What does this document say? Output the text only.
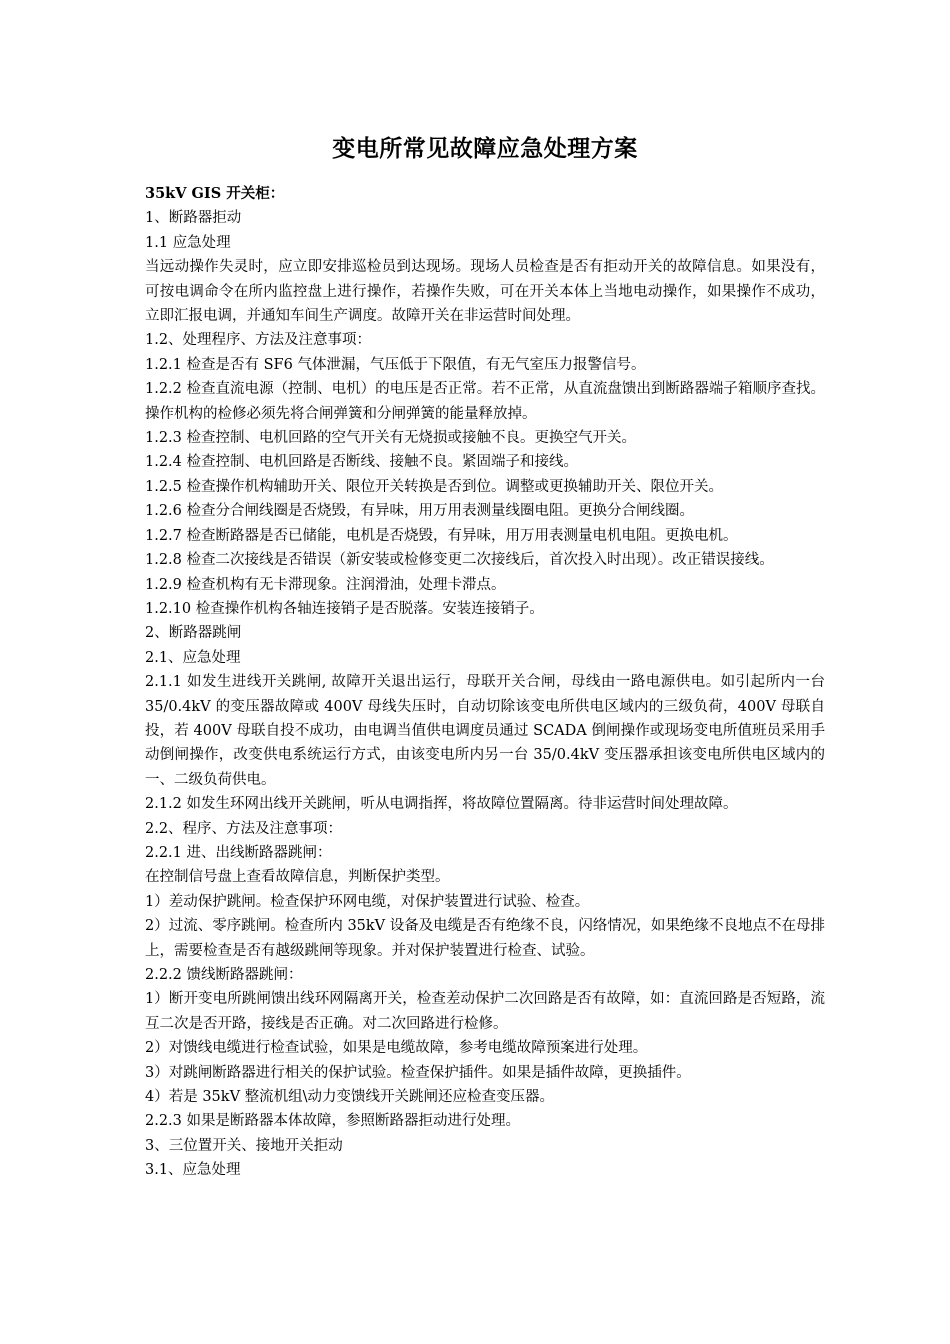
变电所常见故障应急处理方案

35kV GIS 开关柜：

1、断路器拒动

1.1 应急处理

当远动操作失灵时，应立即安排巡检员到达现场。现场人员检查是否有拒动开关的故障信息。如果没有，可按电调命令在所内监控盘上进行操作，若操作失败，可在开关本体上当地电动操作，如果操作不成功，立即汇报电调，并通知车间生产调度。故障开关在非运营时间处理。

1.2、处理程序、方法及注意事项：

1.2.1 检查是否有 SF6 气体泄漏，气压低于下限值，有无气室压力报警信号。

1.2.2 检查直流电源（控制、电机）的电压是否正常。若不正常，从直流盘馈出到断路器端子箱顺序查找。操作机构的检修必须先将合闸弹簧和分闸弹簧的能量释放掉。

1.2.3 检查控制、电机回路的空气开关有无烧损或接触不良。更换空气开关。

1.2.4 检查控制、电机回路是否断线、接触不良。紧固端子和接线。

1.2.5 检查操作机构辅助开关、限位开关转换是否到位。调整或更换辅助开关、限位开关。

1.2.6 检查分合闸线圈是否烧毁，有异味，用万用表测量线圈电阻。更换分合闸线圈。

1.2.7 检查断路器是否已储能，电机是否烧毁，有异味，用万用表测量电机电阻。更换电机。

1.2.8 检查二次接线是否错误（新安装或检修变更二次接线后，首次投入时出现）。改正错误接线。

1.2.9 检查机构有无卡滞现象。注润滑油，处理卡滞点。

1.2.10 检查操作机构各轴连接销子是否脱落。安装连接销子。

2、断路器跳闸

2.1、应急处理

2.1.1 如发生进线开关跳闸, 故障开关退出运行，母联开关合闸，母线由一路电源供电。如引起所内一台 35/0.4kV 的变压器故障或 400V 母线失压时，自动切除该变电所供电区域内的三级负荷，400V 母联自投，若 400V 母联自投不成功，由电调当值供电调度员通过 SCADA 倒闸操作或现场变电所值班员采用手动倒闸操作，改变供电系统运行方式，由该变电所内另一台 35/0.4kV 变压器承担该变电所供电区域内的一、二级负荷供电。

2.1.2 如发生环网出线开关跳闸，听从电调指挥，将故障位置隔离。待非运营时间处理故障。

2.2、程序、方法及注意事项：

2.2.1 进、出线断路器跳闸：

在控制信号盘上查看故障信息，判断保护类型。

1）差动保护跳闸。检查保护环网电缆，对保护装置进行试验、检查。

2）过流、零序跳闸。检查所内 35kV 设备及电缆是否有绝缘不良，闪络情况，如果绝缘不良地点不在母排上，需要检查是否有越级跳闸等现象。并对保护装置进行检查、试验。

2.2.2 馈线断路器跳闸：

1）断开变电所跳闸馈出线环网隔离开关，检查差动保护二次回路是否有故障，如：直流回路是否短路，流互二次是否开路，接线是否正确。对二次回路进行检修。

2）对馈线电缆进行检查试验，如果是电缆故障，参考电缆故障预案进行处理。

3）对跳闸断路器进行相关的保护试验。检查保护插件。如果是插件故障，更换插件。

4）若是 35kV 整流机组\动力变馈线开关跳闸还应检查变压器。

2.2.3 如果是断路器本体故障，参照断路器拒动进行处理。

3、三位置开关、接地开关拒动

3.1、应急处理
